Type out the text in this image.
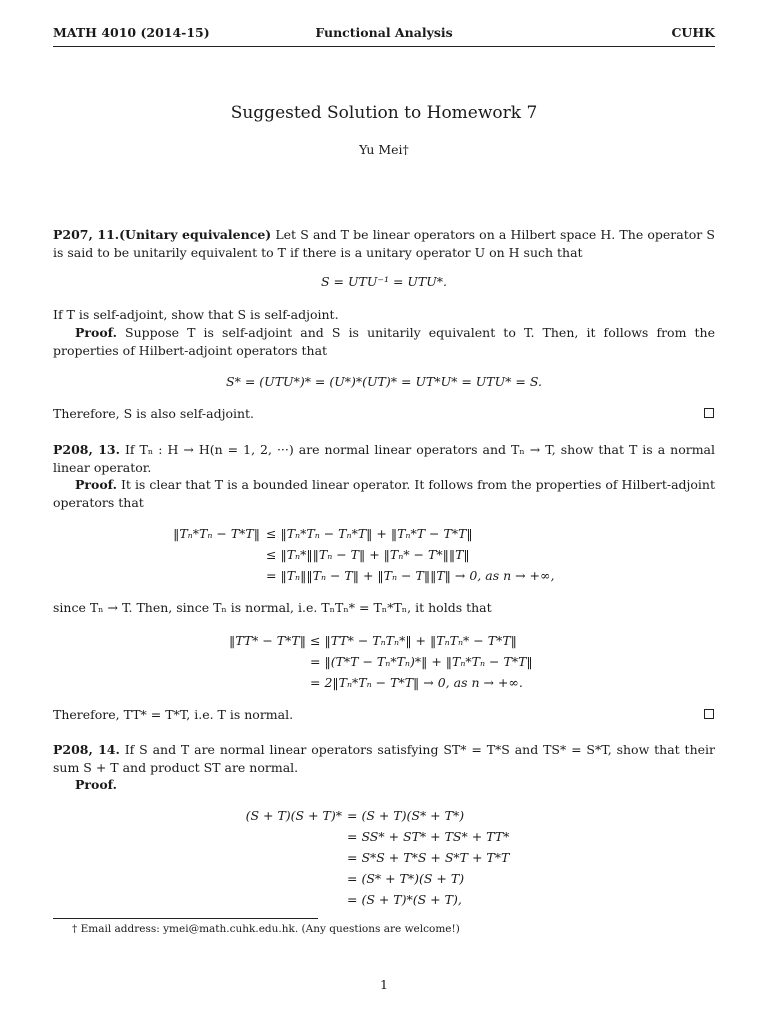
MATH 4010 (2014-15)	Functional Analysis	CUHK
Suggested Solution to Homework 7
Yu Mei†
P207, 11.(Unitary equivalence) Let S and T be linear operators on a Hilbert space H. The operator S is said to be unitarily equivalent to T if there is a unitary operator U on H such that
S = UTU⁻¹ = UTU*.
If T is self-adjoint, show that S is self-adjoint.
Proof. Suppose T is self-adjoint and S is unitarily equivalent to T. Then, it follows from the properties of Hilbert-adjoint operators that
S* = (UTU*)* = (U*)*(UT)* = UT*U* = UTU* = S.
Therefore, S is also self-adjoint.
P208, 13. If Tₙ : H → H(n = 1, 2, ···) are normal linear operators and Tₙ → T, show that T is a normal linear operator.
Proof. It is clear that T is a bounded linear operator. It follows from the properties of Hilbert-adjoint operators that
‖Tₙ*Tₙ − T*T‖ ≤ ‖Tₙ*Tₙ − Tₙ*T‖ + ‖Tₙ*T − T*T‖
≤ ‖Tₙ*‖‖Tₙ − T‖ + ‖Tₙ* − T*‖‖T‖
= ‖Tₙ‖‖Tₙ − T‖ + ‖Tₙ − T‖‖T‖ → 0, as n → +∞,
since Tₙ → T. Then, since Tₙ is normal, i.e. TₙTₙ* = Tₙ*Tₙ, it holds that
‖TT* − T*T‖ ≤ ‖TT* − TₙTₙ*‖ + ‖TₙTₙ* − T*T‖
= ‖(T*T − Tₙ*Tₙ)*‖ + ‖Tₙ*Tₙ − T*T‖
= 2‖Tₙ*Tₙ − T*T‖ → 0, as n → +∞.
Therefore, TT* = T*T, i.e. T is normal.
P208, 14. If S and T are normal linear operators satisfying ST* = T*S and TS* = S*T, show that their sum S + T and product ST are normal.
Proof.
(S + T)(S + T)* = (S + T)(S* + T*)
= SS* + ST* + TS* + TT*
= S*S + T*S + S*T + T*T
= (S* + T*)(S + T)
= (S + T)*(S + T),
† Email address: ymei@math.cuhk.edu.hk. (Any questions are welcome!)
1
